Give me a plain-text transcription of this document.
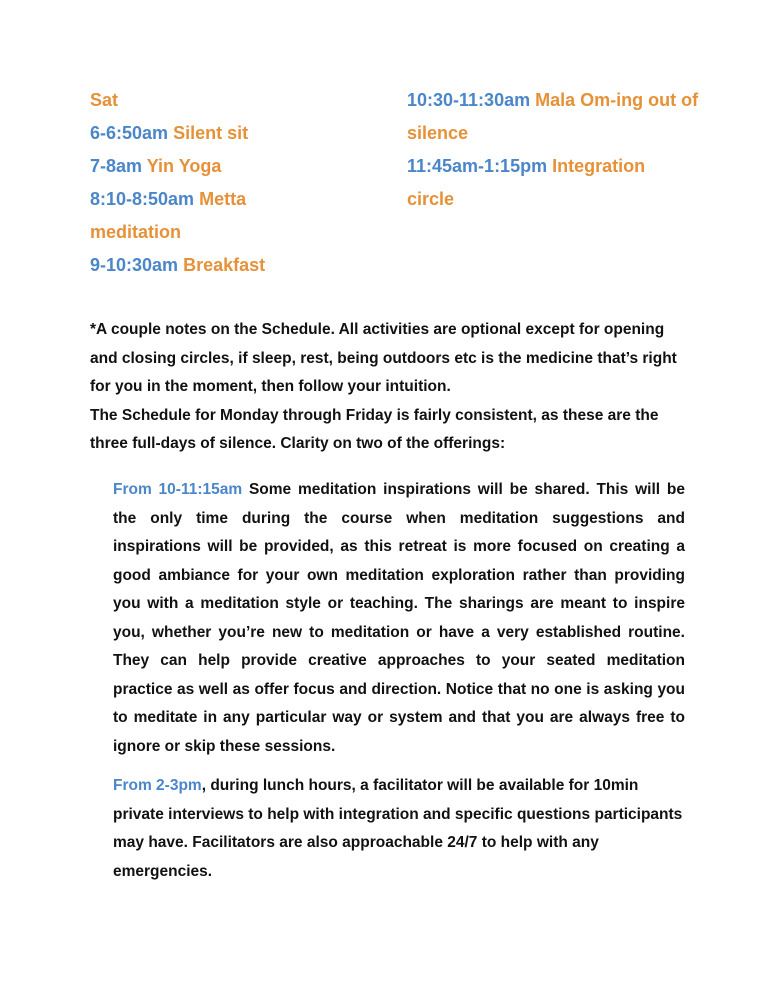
Sat

6-6:50am Silent sit

7-8am Yin Yoga

8:10-8:50am Metta

meditation

9-10:30am Breakfast

10:30-11:30am Mala Om-ing out of

silence

11:45am-1:15pm Integration

circle

*A couple notes on the Schedule. All activities are optional except for opening and closing circles, if sleep, rest, being outdoors etc is the medicine that’s right for you in the moment, then follow your intuition.

The Schedule for Monday through Friday is fairly consistent, as these are the three full-days of silence. Clarity on two of the offerings:

From 10-11:15am Some meditation inspirations will be shared. This will be the only time during the course when meditation suggestions and inspirations will be provided, as this retreat is more focused on creating a good ambiance for your own meditation exploration rather than providing you with a meditation style or teaching. The sharings are meant to inspire you, whether you’re new to meditation or have a very established routine. They can help provide creative approaches to your seated meditation practice as well as offer focus and direction. Notice that no one is asking you to meditate in any particular way or system and that you are always free to ignore or skip these sessions.

From 2-3pm, during lunch hours, a facilitator will be available for 10min private interviews to help with integration and specific questions participants may have. Facilitators are also approachable 24/7 to help with any emergencies.
